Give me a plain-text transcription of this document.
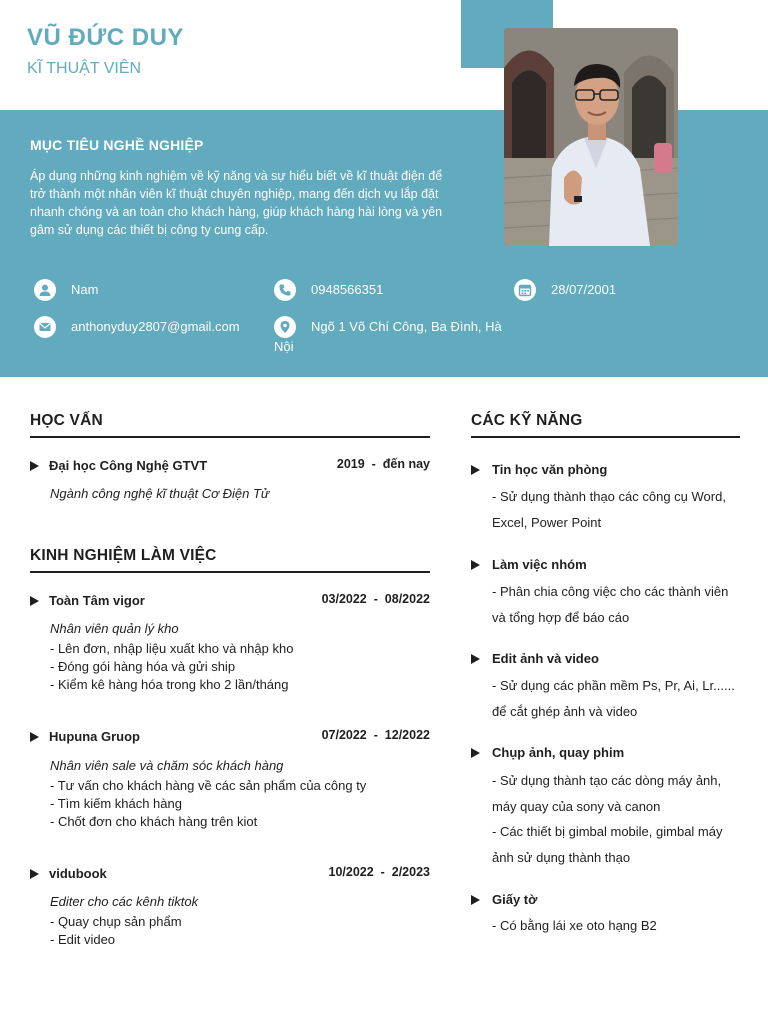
VŨ ĐỨC DUY
KĨ THUẬT VIÊN
MỤC TIÊU NGHỀ NGHIỆP
Áp dụng những kinh nghiệm về kỹ năng và sự hiểu biết về kĩ thuật điện để trở thành một nhân viên kĩ thuật chuyên nghiệp, mang đến dịch vụ lắp đặt nhanh chóng và an toàn cho khách hàng, giúp khách hàng hài lòng và yên gâm sử dụng các thiết bị công ty cung cấp.
Nam	0948566351	28/07/2001
anthonyduy2807@gmail.com	Ngõ 1 Võ Chí Công, Ba Đình, Hà Nội
HỌC VẤN
Đại học Công Nghệ GTVT	2019  -  đến nay
Ngành công nghệ kĩ thuật Cơ Điện Tử
KINH NGHIỆM LÀM VIỆC
Toàn Tâm vigor	03/2022  -  08/2022
Nhân viên quản lý kho
- Lên đơn, nhập liệu xuất kho và nhập kho
- Đóng gói hàng hóa và gửi ship
- Kiểm kê hàng hóa trong kho 2 lần/tháng
Hupuna Gruop	07/2022  -  12/2022
Nhân viên sale và chăm sóc khách hàng
- Tư vấn cho khách hàng về các sản phẩm của công ty
- Tìm kiếm khách hàng
- Chốt đơn cho khách hàng trên kiot
vidubook	10/2022  -  2/2023
Editer cho các kênh tiktok
- Quay chụp sản phẩm
- Edit video
CÁC KỸ NĂNG
Tin học văn phòng
- Sử dụng thành thạo các công cụ Word, Excel, Power Point
Làm việc nhóm
- Phân chia công việc cho các thành viên và tổng hợp để báo cáo
Edit ảnh và video
- Sử dụng các phần mềm Ps, Pr, Ai, Lr...... để cắt ghép ảnh và video
Chụp ảnh, quay phim
- Sử dụng thành tạo các dòng máy ảnh, máy quay của sony và canon
- Các thiết bị gimbal mobile, gimbal máy ảnh sử dụng thành thạo
Giấy tờ
- Có bằng lái xe oto hạng B2
